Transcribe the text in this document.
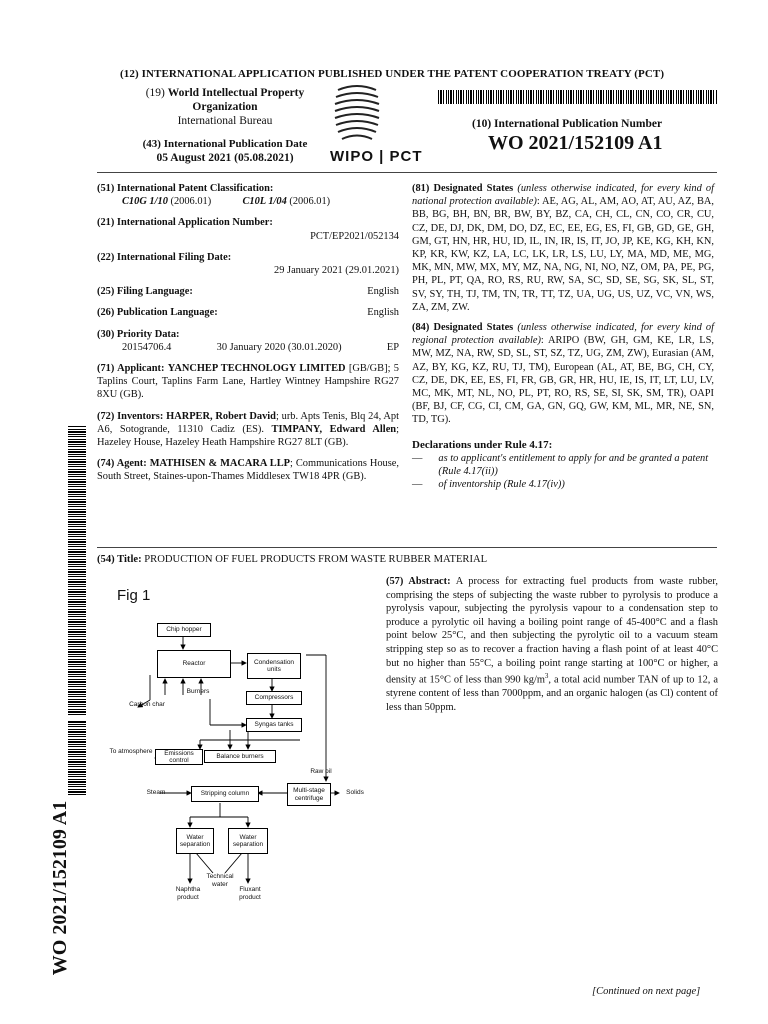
(12) INTERNATIONAL APPLICATION PUBLISHED UNDER THE PATENT COOPERATION TREATY (PCT)
(19) World Intellectual Property
Organization
International Bureau
(43) International Publication Date
05 August 2021 (05.08.2021)	WIPO | PCT
(10) International Publication Number
WO 2021/152109 A1
(51) International Patent Classification:
C10G 1/10 (2006.01)	C10L 1/04 (2006.01)
(21) International Application Number:
PCT/EP2021/052134
(22) International Filing Date:
29 January 2021 (29.01.2021)
(25) Filing Language:	English
(26) Publication Language:	English
(30) Priority Data:
20154706.4	30 January 2020 (30.01.2020)	EP
(71) Applicant: YANCHEP TECHNOLOGY LIMITED [GB/GB]; 5 Taplins Court, Taplins Farm Lane, Hartley Wintney Hampshire RG27 8XU (GB).
(72) Inventors: HARPER, Robert David; urb. Apts Tenis, Blq 24, Apt A6, Sotogrande, 11310 Cadiz (ES). TIMPANY, Edward Allen; Hazeley House, Hazeley Heath Hampshire RG27 8LT (GB).
(74) Agent: MATHISEN & MACARA LLP; Communications House, South Street, Staines-upon-Thames Middlesex TW18 4PR (GB).
(81) Designated States (unless otherwise indicated, for every kind of national protection available): AE, AG, AL, AM, AO, AT, AU, AZ, BA, BB, BG, BH, BN, BR, BW, BY, BZ, CA, CH, CL, CN, CO, CR, CU, CZ, DE, DJ, DK, DM, DO, DZ, EC, EE, EG, ES, FI, GB, GD, GE, GH, GM, GT, HN, HR, HU, ID, IL, IN, IR, IS, IT, JO, JP, KE, KG, KH, KN, KP, KR, KW, KZ, LA, LC, LK, LR, LS, LU, LY, MA, MD, ME, MG, MK, MN, MW, MX, MY, MZ, NA, NG, NI, NO, NZ, OM, PA, PE, PG, PH, PL, PT, QA, RO, RS, RU, RW, SA, SC, SD, SE, SG, SK, SL, ST, SV, SY, TH, TJ, TM, TN, TR, TT, TZ, UA, UG, US, UZ, VC, VN, WS, ZA, ZM, ZW.
(84) Designated States (unless otherwise indicated, for every kind of regional protection available): ARIPO (BW, GH, GM, KE, LR, LS, MW, MZ, NA, RW, SD, SL, ST, SZ, TZ, UG, ZM, ZW), Eurasian (AM, AZ, BY, KG, KZ, RU, TJ, TM), European (AL, AT, BE, BG, CH, CY, CZ, DE, DK, EE, ES, FI, FR, GB, GR, HR, HU, IE, IS, IT, LT, LU, LV, MC, MK, MT, NL, NO, PL, PT, RO, RS, SE, SI, SK, SM, TR), OAPI (BF, BJ, CF, CG, CI, CM, GA, GN, GQ, GW, KM, ML, MR, NE, SN, TD, TG).
Declarations under Rule 4.17:
—	as to applicant's entitlement to apply for and be granted a patent (Rule 4.17(ii))
—	of inventorship (Rule 4.17(iv))
(54) Title: PRODUCTION OF FUEL PRODUCTS FROM WASTE RUBBER MATERIAL
(57) Abstract: A process for extracting fuel products from waste rubber, comprising the steps of subjecting the waste rubber to pyrolysis to produce a pyrolysis vapour, subjecting the pyrolysis vapour to a condensation step to produce a pyrolytic oil having a boiling point range of 45-400°C and a flash point below 25°C, and then subjecting the pyrolytic oil to a vacuum steam stripping step so as to recover a fraction having a flash point of at least 40°C but no higher than 55°C, a boiling point range starting at 100°C or higher, a density at 15°C of less than 990 $kg/m^3$, a total acid number TAN of up to 12, a styrene content of less than 7000ppm, and an organic halogen (as Cl) content of less than 50ppm.
Fig 1
Chip hopper
Reactor	Condensation units
Burners
Compressors
Carbon char
Syngas tanks
To atmosphere	Emissions control
Balance burners
Raw oil
Steam	Stripping column	Multi-stage centrifuge
Solids
Water separation
Water separation
Technical water
Naphtha product
Fluxant product
WO 2021/152109 A1
[Continued on next page]
